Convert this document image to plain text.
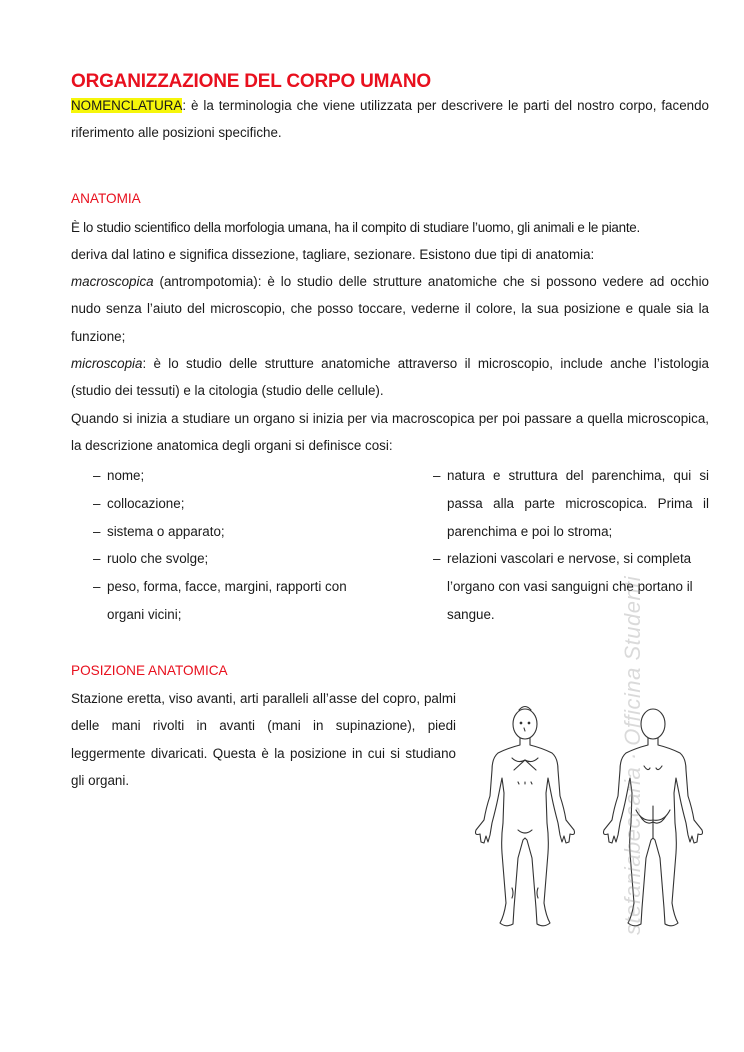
ORGANIZZAZIONE DEL CORPO UMANO

NOMENCLATURA: è la terminologia che viene utilizzata per descrivere le parti del nostro corpo, facendo riferimento alle posizioni specifiche.

ANATOMIA

È lo studio scientifico della morfologia umana, ha il compito di studiare l’uomo, gli animali e le piante.

deriva dal latino e significa dissezione, tagliare, sezionare. Esistono due tipi di anatomia:

macroscopica (antrompotomia): è lo studio delle strutture anatomiche che si possono vedere ad occhio nudo senza l’aiuto del microscopio, che posso toccare, vederne il colore, la sua posizione e quale sia la funzione;

microscopia: è lo studio delle strutture anatomiche attraverso il microscopio, include anche l’istologia (studio dei tessuti) e la citologia (studio delle cellule).

Quando si inizia a studiare un organo si inizia per via macroscopica per poi passare a quella microscopica, la descrizione anatomica degli organi si definisce cosi:

– nome;
– collocazione;
– sistema o apparato;
– ruolo che svolge;
– peso, forma, facce, margini, rapporti con organi vicini;
– natura e struttura del parenchima, qui si passa alla parte microscopica. Prima il parenchima e poi lo stroma;
– relazioni vascolari e nervose, si completa l’organo con vasi sanguigni che portano il sangue.
POSIZIONE ANATOMICA

Stazione eretta, viso avanti, arti paralleli all’asse del copro, palmi delle mani rivolti in avanti (mani in supinazione), piedi leggermente divaricati. Questa è la posizione in cui si studiano gli organi.	stefaniabeccaria · Officina Studenti
